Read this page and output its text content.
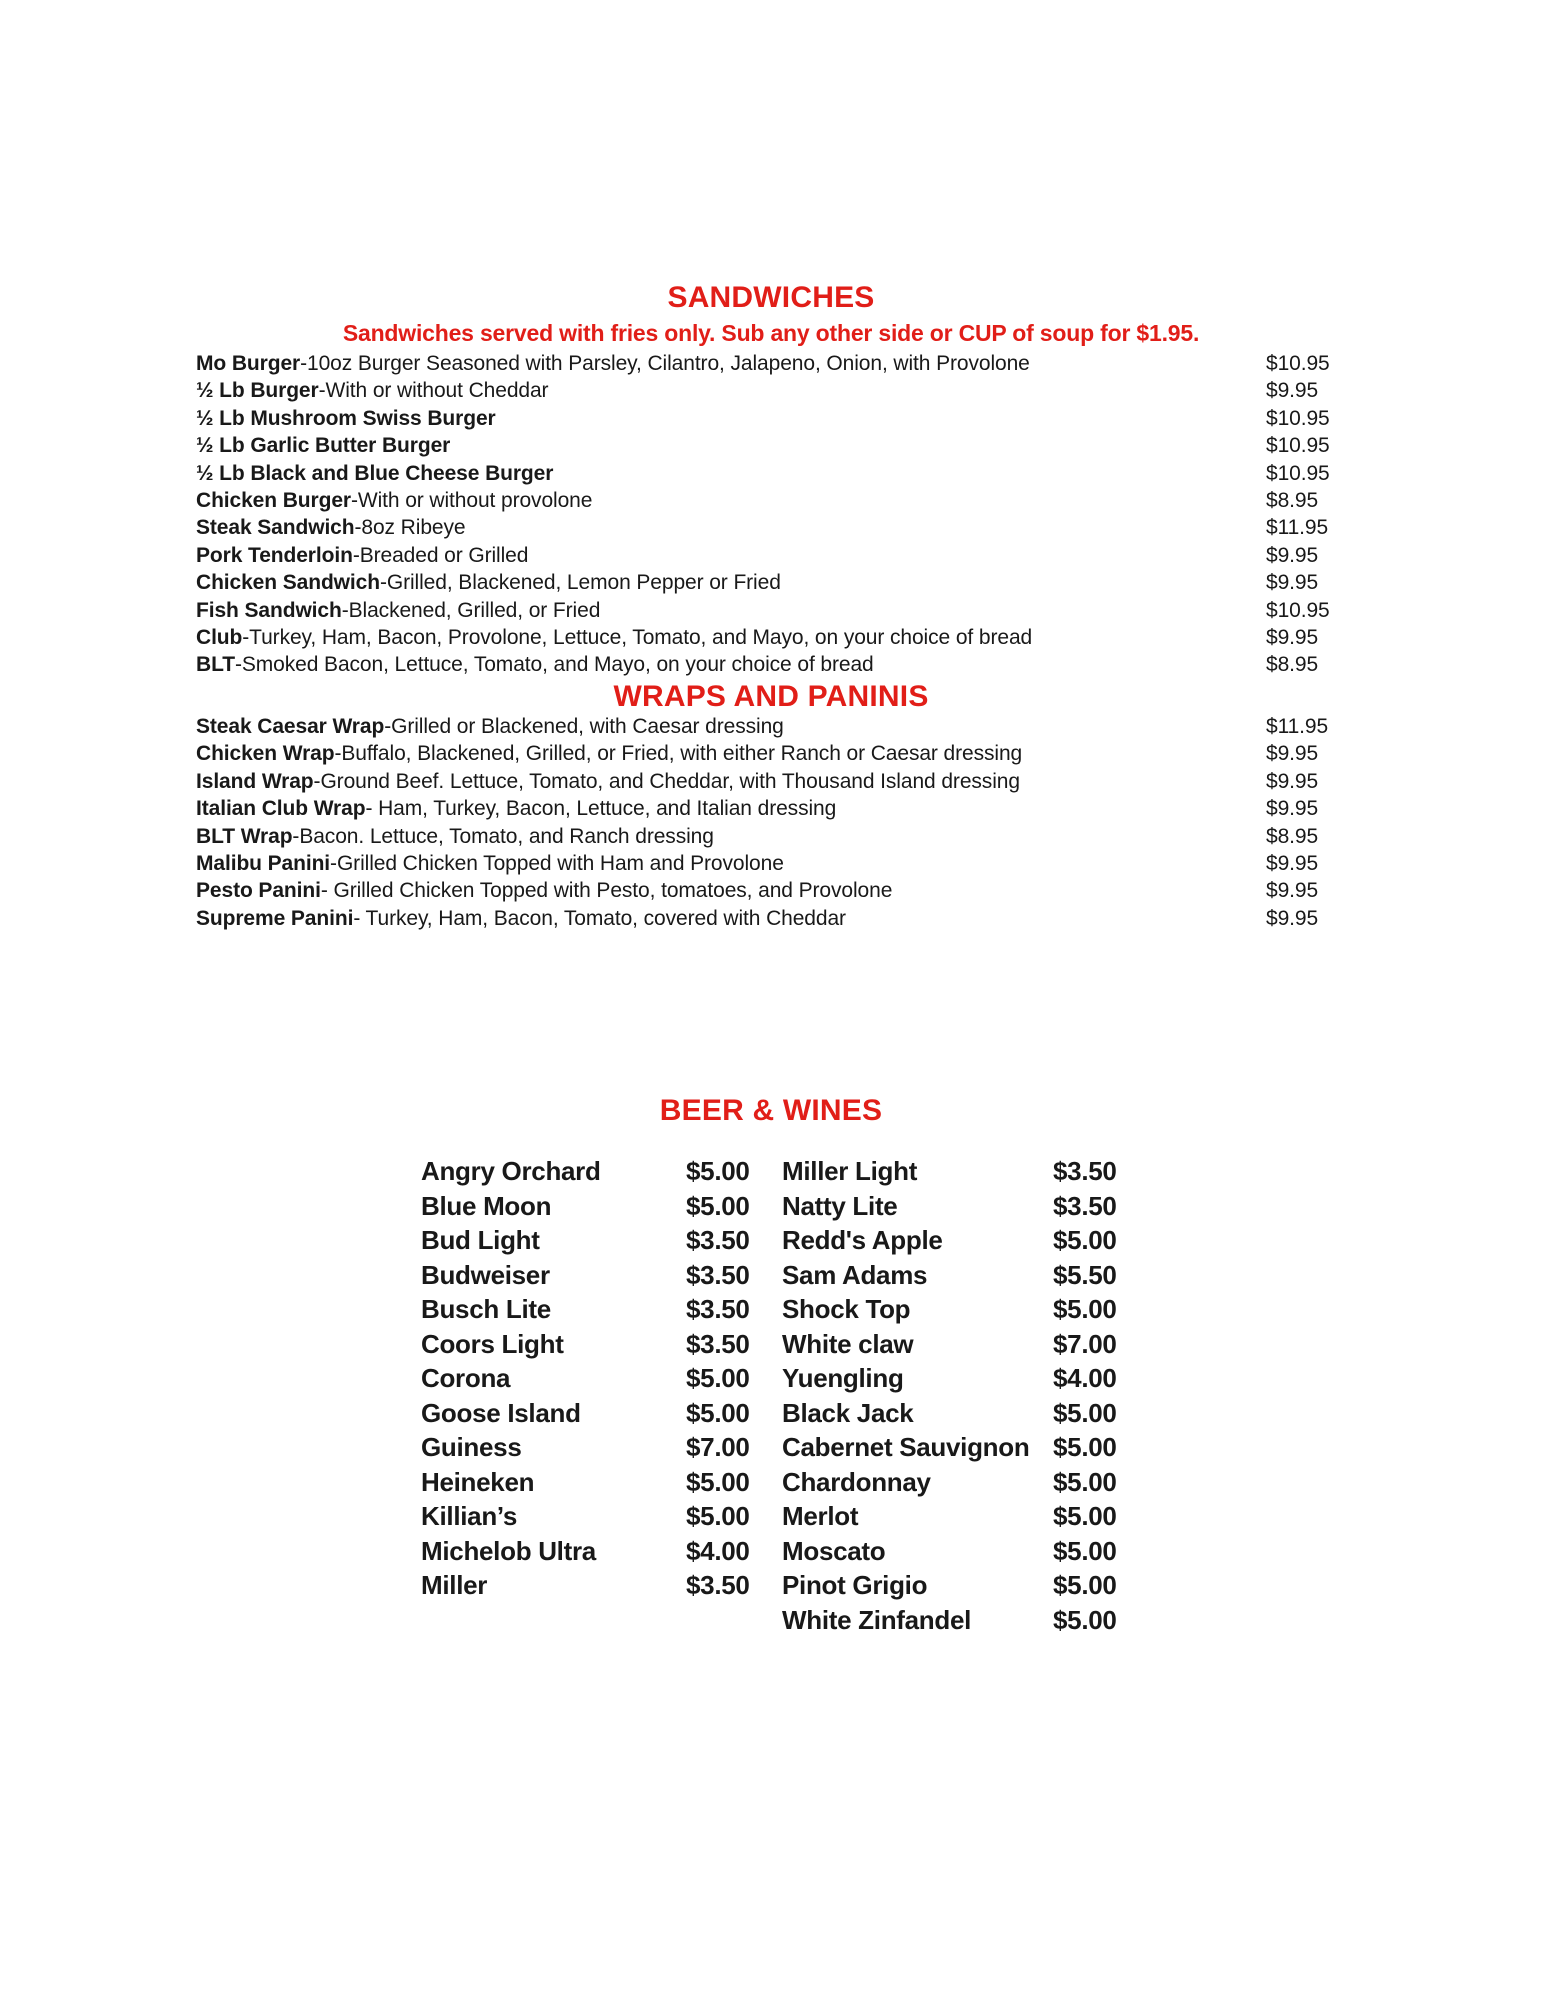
SANDWICHES
Sandwiches served with fries only. Sub any other side or CUP of soup for $1.95.
Mo Burger-10oz Burger Seasoned with Parsley, Cilantro, Jalapeno, Onion, with Provolone	$10.95
½ Lb Burger-With or without Cheddar	$9.95
½ Lb Mushroom Swiss Burger	$10.95
½ Lb Garlic Butter Burger	$10.95
½ Lb Black and Blue Cheese Burger	$10.95
Chicken Burger-With or without provolone	$8.95
Steak Sandwich-8oz Ribeye	$11.95
Pork Tenderloin-Breaded or Grilled	$9.95
Chicken Sandwich-Grilled, Blackened, Lemon Pepper or Fried	$9.95
Fish Sandwich-Blackened, Grilled, or Fried	$10.95
Club-Turkey, Ham, Bacon, Provolone, Lettuce, Tomato, and Mayo, on your choice of bread	$9.95
BLT-Smoked Bacon, Lettuce, Tomato, and Mayo, on your choice of bread	$8.95
WRAPS AND PANINIS
Steak Caesar Wrap-Grilled or Blackened, with Caesar dressing	$11.95
Chicken Wrap-Buffalo, Blackened, Grilled, or Fried, with either Ranch or Caesar dressing	$9.95
Island Wrap-Ground Beef. Lettuce, Tomato, and Cheddar, with Thousand Island dressing	$9.95
Italian Club Wrap- Ham, Turkey, Bacon, Lettuce, and Italian dressing	$9.95
BLT Wrap-Bacon. Lettuce, Tomato, and Ranch dressing	$8.95
Malibu Panini-Grilled Chicken Topped with Ham and Provolone	$9.95
Pesto Panini- Grilled Chicken Topped with Pesto, tomatoes, and Provolone	$9.95
Supreme Panini- Turkey, Ham, Bacon, Tomato, covered with Cheddar	$9.95
BEER & WINES
Angry Orchard	$5.00	Miller Light	$3.50
Blue Moon	$5.00	Natty Lite	$3.50
Bud Light	$3.50	Redd's Apple	$5.00
Budweiser	$3.50	Sam Adams	$5.50
Busch Lite	$3.50	Shock Top	$5.00
Coors Light	$3.50	White claw	$7.00
Corona	$5.00	Yuengling	$4.00
Goose Island	$5.00	Black Jack	$5.00
Guiness	$7.00	Cabernet Sauvignon $5.00
Heineken	$5.00	Chardonnay	$5.00
Killian’s	$5.00	Merlot	$5.00
Michelob Ultra	$4.00	Moscato	$5.00
Miller	$3.50	Pinot Grigio	$5.00
White Zinfandel	$5.00
